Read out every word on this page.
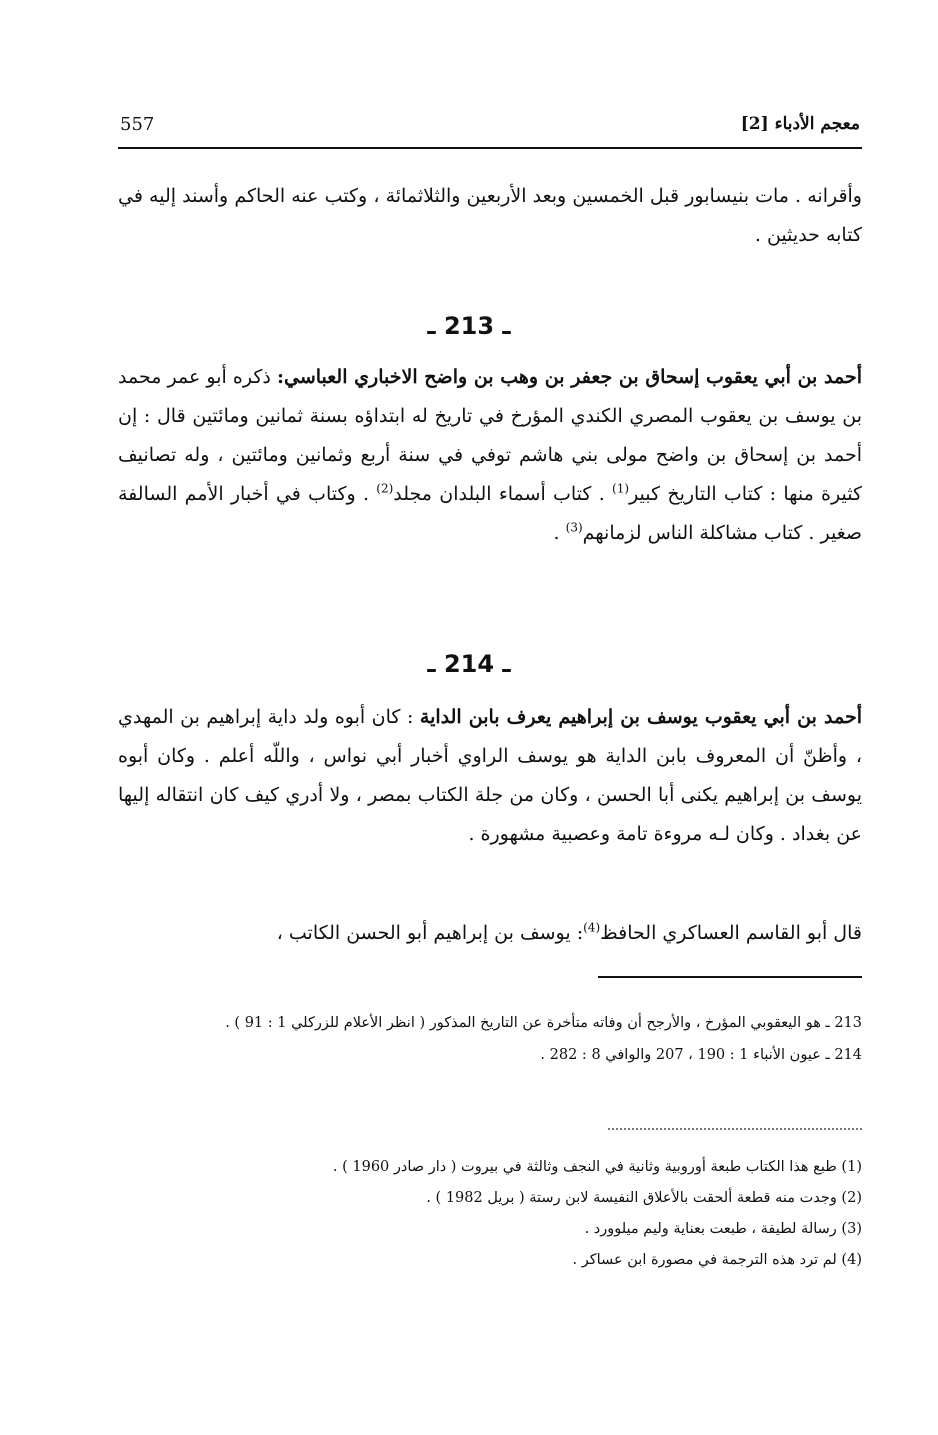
557	معجم الأدباء [2]
وأقرانه . مات بنيسابور قبل الخمسين وبعد الأربعين والثلاثمائة ، وكتب عنه الحاكم وأسند إليه في كتابه حديثين .
ـ 213 ـ
أحمد بن أبي يعقوب إسحاق بن جعفر بن وهب بن واضح الاخباري العباسي: ذكره أبو عمر محمد بن يوسف بن يعقوب المصري الكندي المؤرخ في تاريخ له ابتداؤه بسنة ثمانين ومائتين قال : إن أحمد بن إسحاق بن واضح مولى بني هاشم توفي في سنة أربع وثمانين ومائتين ، وله تصانيف كثيرة منها : كتاب التاريخ كبير$^{(1)}$ . كتاب أسماء البلدان مجلد$^{(2)}$ . وكتاب في أخبار الأمم السالفة صغير . كتاب مشاكلة الناس لزمانهم$^{(3)}$ .
ـ 214 ـ
أحمد بن أبي يعقوب يوسف بن إبراهيم يعرف بابن الداية : كان أبوه ولد داية إبراهيم بن المهدي ، وأظنّ أن المعروف بابن الداية هو يوسف الراوي أخبار أبي نواس ، واللّه أعلم . وكان أبوه يوسف بن إبراهيم يكنى أبا الحسن ، وكان من جلة الكتاب بمصر ، ولا أدري كيف كان انتقاله إليها عن بغداد . وكان لـه مروءة تامة وعصبية مشهورة .
قال أبو القاسم العساكري الحافظ$^{(4)}$: يوسف بن إبراهيم أبو الحسن الكاتب ،

213 ـ هو اليعقوبي المؤرخ ، والأرجح أن وفاته متأخرة عن التاريخ المذكور ( انظر الأعلام للزركلي 1 : 91 ) .

214 ـ عيون الأنباء 1 : 190 ، 207 والوافي 8 : 282 .

(1) طبع هذا الكتاب طبعة أوروبية وثانية في النجف وثالثة في بيروت ( دار صادر 1960 ) .

(2) وجدت منه قطعة ألحقت بالأعلاق النفيسة لابن رستة ( بريل 1982 ) .

(3) رسالة لطيفة ، طبعت بعناية وليم ميلوورد .

(4) لم ترد هذه الترجمة في مصورة ابن عساكر .
